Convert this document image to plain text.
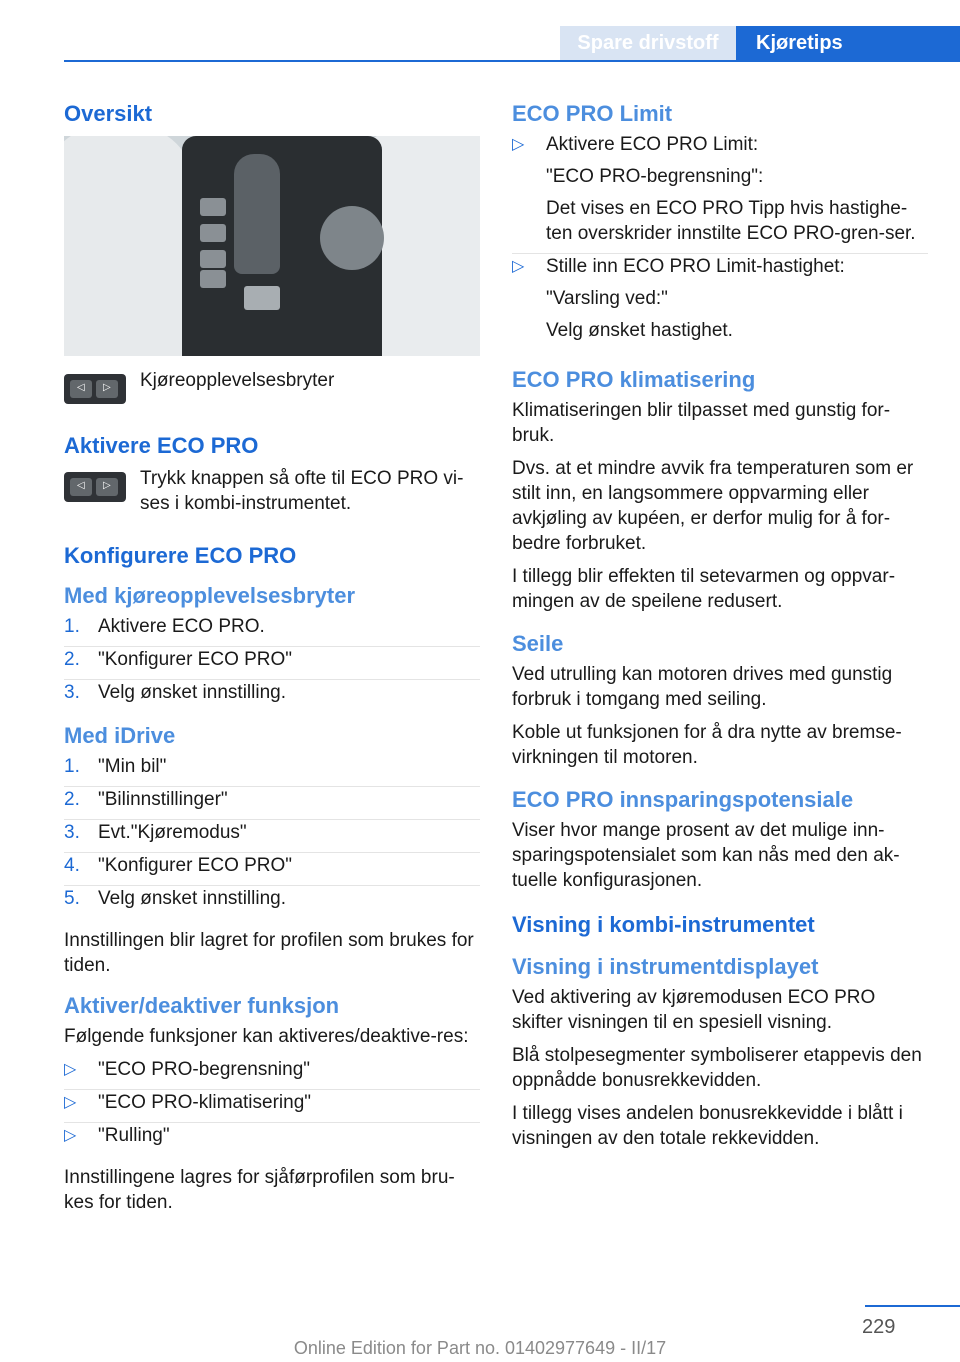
Spare drivstoff	Kjøretips
Oversikt
◁ ▷ Kjøreopplevelsesbryter

Aktivere ECO PRO
◁ ▷ Trykk knappen så ofte til ECO PRO vi-ses i kombi-instrumentet.

Konfigurere ECO PRO
Med kjøreopplevelsesbryter
1. Aktivere ECO PRO.
2. "Konfigurer ECO PRO"
3. Velg ønsket innstilling.
Med iDrive
1. "Min bil"
2. "Bilinnstillinger"
3. Evt."Kjøremodus"
4. "Konfigurer ECO PRO"
5. Velg ønsket innstilling.

Innstillingen blir lagret for profilen som brukes for tiden.

Aktiver/deaktiver funksjon

Følgende funksjoner kan aktiveres/deaktive-res:

▷ "ECO PRO-begrensning"
▷ "ECO PRO-klimatisering"
▷ "Rulling"

Innstillingene lagres for sjåførprofilen som bru-kes for tiden.

ECO PRO Limit
▷ Aktivere ECO PRO Limit:
"ECO PRO-begrensning":
Det vises en ECO PRO Tipp hvis hastighe-ten overskrider innstilte ECO PRO-gren-ser.
▷ Stille inn ECO PRO Limit-hastighet:
"Varsling ved:"
Velg ønsket hastighet.
ECO PRO klimatisering

Klimatiseringen blir tilpasset med gunstig for-bruk.

Dvs. at et mindre avvik fra temperaturen som er stilt inn, en langsommere oppvarming eller avkjøling av kupéen, er derfor mulig for å for-bedre forbruket.

I tillegg blir effekten til setevarmen og oppvar-mingen av de speilene redusert.

Seile

Ved utrulling kan motoren drives med gunstig forbruk i tomgang med seiling.

Koble ut funksjonen for å dra nytte av bremse-virkningen til motoren.

ECO PRO innsparingspotensiale

Viser hvor mange prosent av det mulige inn-sparingspotensialet som kan nås med den ak-tuelle konfigurasjonen.

Visning i kombi-instrumentet
Visning i instrumentdisplayet

Ved aktivering av kjøremodusen ECO PRO skifter visningen til en spesiell visning.

Blå stolpesegmenter symboliserer etappevis den oppnådde bonusrekkevidden.

I tillegg vises andelen bonusrekkevidde i blått i visningen av den totale rekkevidden.

229
Online Edition for Part no. 01402977649 - II/17
